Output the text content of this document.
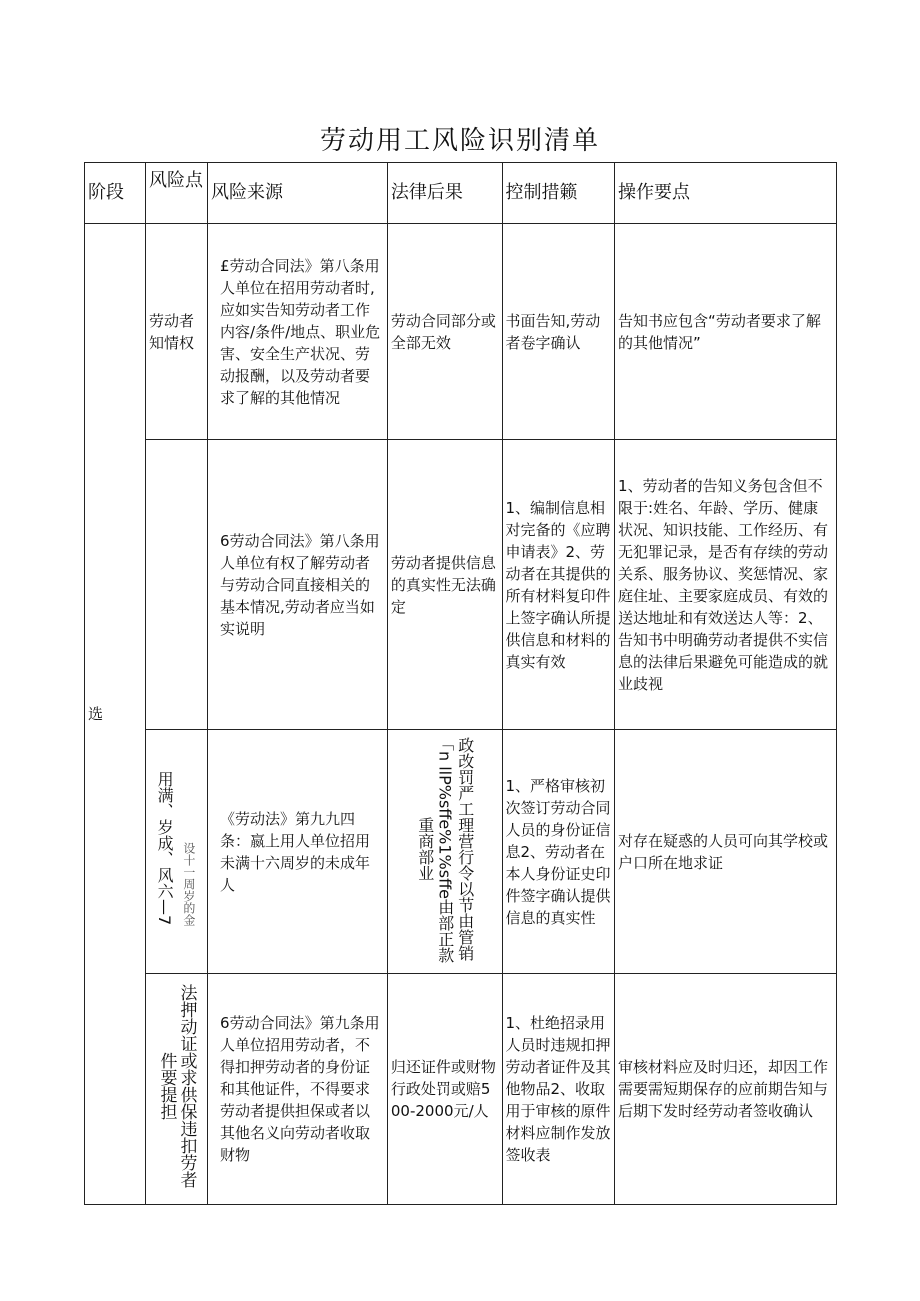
劳动用工风险识别清单
阶段	风险点	风险来源	法律后果	控制措籁	操作要点
选	劳动者知情权	£劳动合同法》第八条用人单位在招用劳动者时,应如实告知劳动者工作内容/条件/地点、职业危害、安全生产状况、劳动报酬，以及劳动者要求了解的其他情况	劳动合同部分或全部无效	书面告知,劳动者卷字确认	告知书应包含“劳动者要求了解的其他情况”
		6劳动合同法》第八条用人单位有权了解劳动者与劳动合同直接相关的基本情况,劳动者应当如实说明	劳动者提供信息的真实性无法确定	1、编制信息相对完备的《应聘申请表》2、劳动者在其提供的所有材料复印件上签字确认所提供信息和材料的真实有效	1、劳动者的告知义务包含但不限于:姓名、年龄、学历、健康状况、知识技能、工作经历、有无犯罪记录，是否有存续的劳动关系、服务协议、奖惩情况、家庭住址、主要家庭成员、有效的送达地址和有效送达人等：2、告知书中明确劳动者提供不实信息的法律后果避免可能造成的就业歧视
	用满、岁成、风六—7 设十一周岁的金	《劳动法》第九九四条：嬴上用人单位招用未满十六周岁的未成年人	政改罚严工理营行令以节由管销「n llP%sffe%1%sffe由部正款重商部业	1、严格审核初次签订劳动合同人员的身份证信息2、劳动者在本人身份证史印件签字确认提供信息的真实性	对存在疑惑的人员可向其学校或户口所在地求证
	法押动证或求供保违扣劳者件要提担	6劳动合同法》第九条用人单位招用劳动者，不得扣押劳动者的身份证和其他证件，不得要求劳动者提供担保或者以其他名义向劳动者收取财物	归还证件或财物行政处罚或赔500-2000元/人	1、杜绝招录用人员时违规扣押劳动者证件及其他物品2、收取用于审核的原件材料应制作发放签收表	审核材料应及时归还，却因工作需要需短期保存的应前期告知与后期下发时经劳动者签收确认
